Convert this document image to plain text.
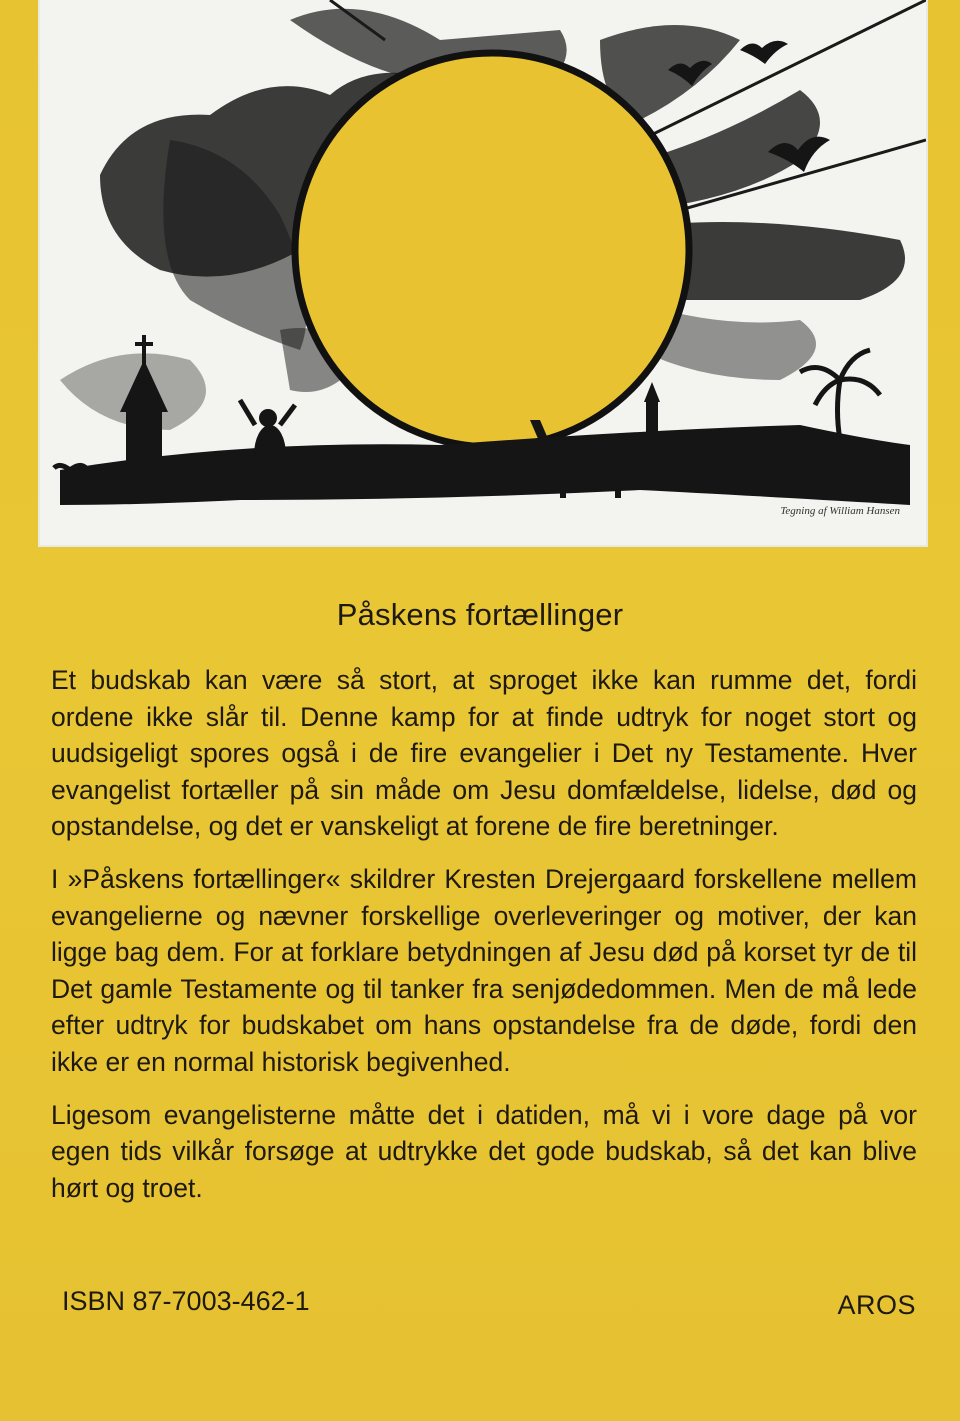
Tegning af William Hansen
Påskens fortællinger

Et budskab kan være så stort, at sproget ikke kan rumme det, fordi ordene ikke slår til. Denne kamp for at finde udtryk for noget stort og uudsigeligt spores også i de fire evangelier i Det ny Testamente. Hver evangelist fortæller på sin måde om Jesu domfældelse, lidelse, død og opstandelse, og det er vanskeligt at forene de fire beretninger.

I »Påskens fortællinger« skildrer Kresten Drejergaard forskellene mellem evangelierne og nævner forskellige overleveringer og motiver, der kan ligge bag dem. For at forklare betydningen af Jesu død på korset tyr de til Det gamle Testamente og til tanker fra senjødedommen. Men de må lede efter udtryk for budskabet om hans opstandelse fra de døde, fordi den ikke er en normal historisk begivenhed.

Ligesom evangelisterne måtte det i datiden, må vi i vore dage på vor egen tids vilkår forsøge at udtrykke det gode budskab, så det kan blive hørt og troet.

ISBN 87-7003-462-1	AROS
